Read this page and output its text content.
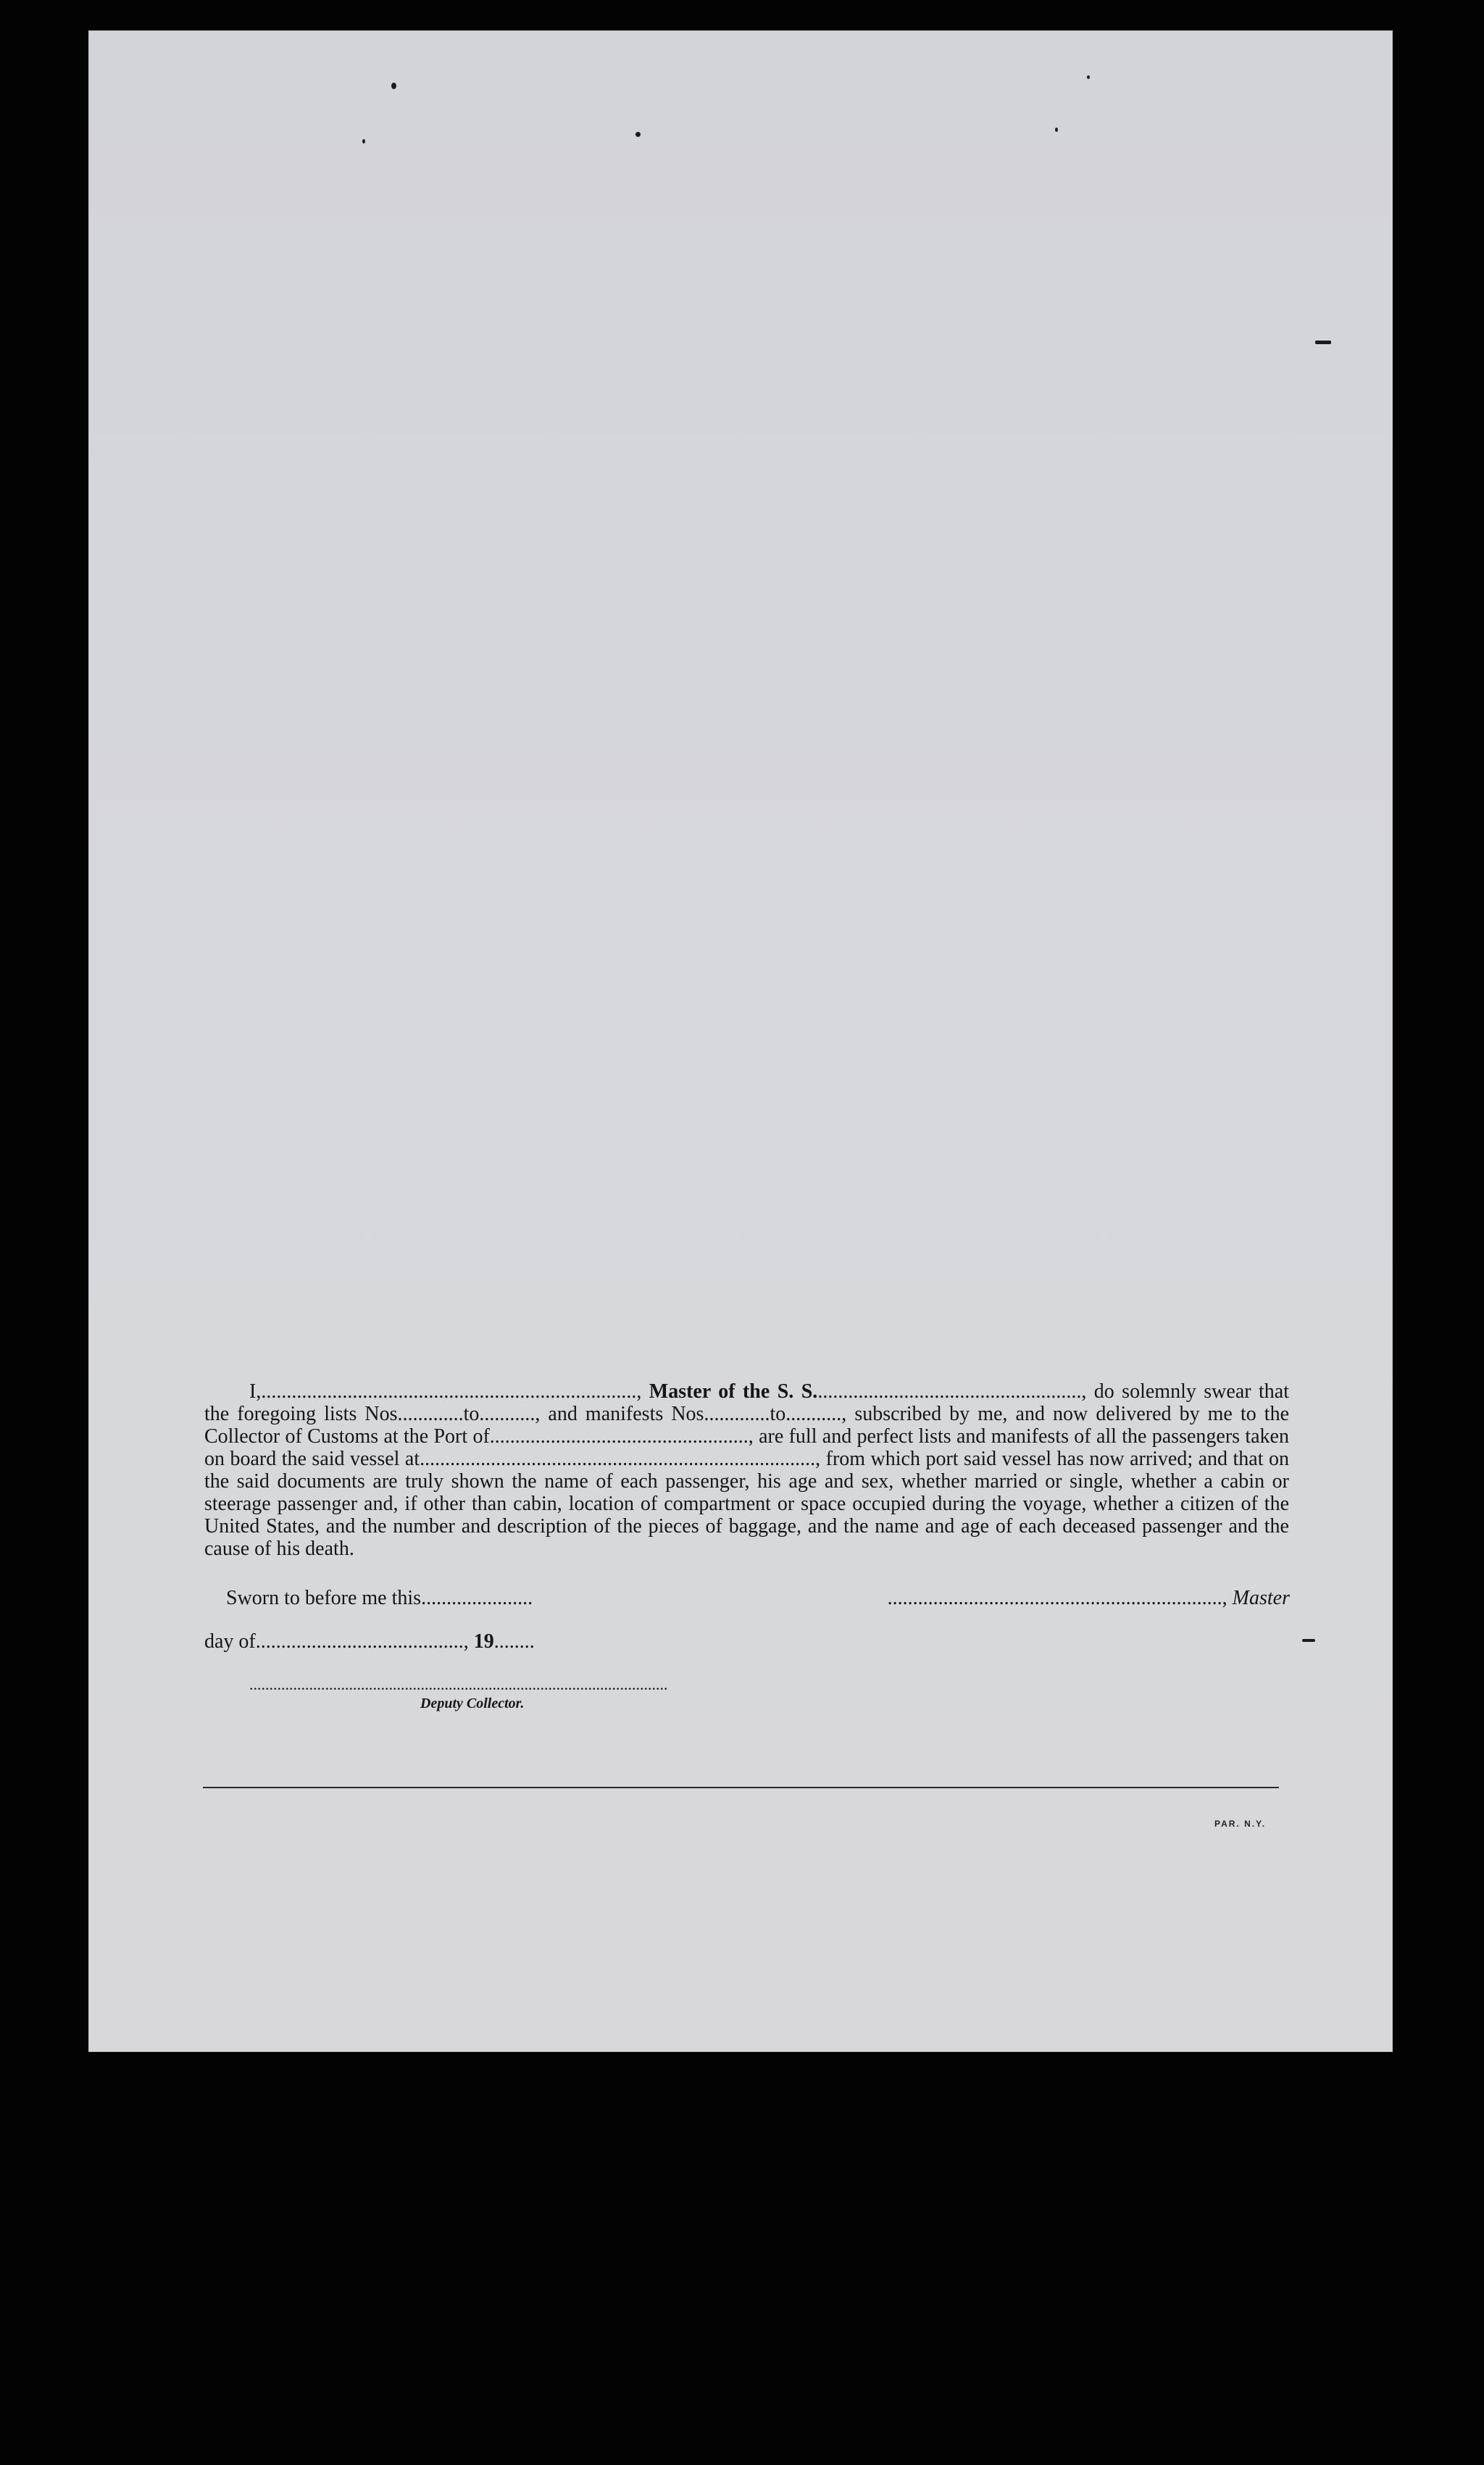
I,.........................................................................., Master of the S. S....................................................., do solemnly swear that the foregoing lists Nos.............to..........., and manifests Nos.............to..........., subscribed by me, and now delivered by me to the Collector of Customs at the Port of..................................................., are full and perfect lists and manifests of all the passengers taken on board the said vessel at.............................................................................., from which port said vessel has now arrived; and that on the said documents are truly shown the name of each passenger, his age and sex, whether married or single, whether a cabin or steerage passenger and, if other than cabin, location of compartment or space occupied during the voyage, whether a citizen of the United States, and the number and description of the pieces of baggage, and the name and age of each deceased passenger and the cause of his death.

Sworn to before me this......................	.................................................................., Master
day of........................................., 19........
.........................................................................................................
Deputy Collector.
PAR. N.Y.
